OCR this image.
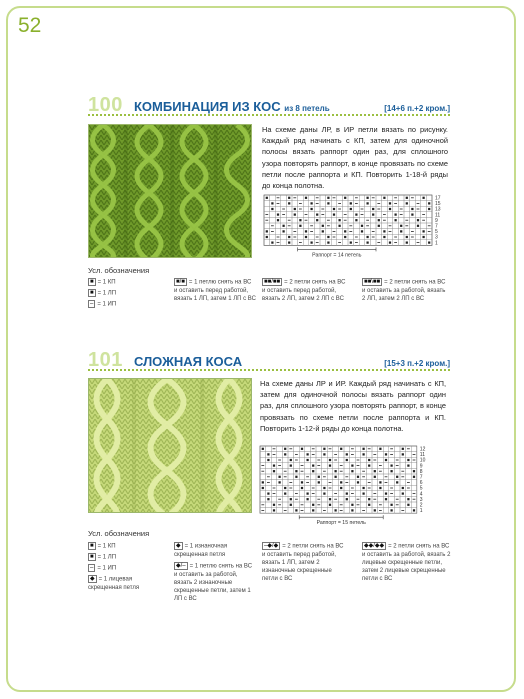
52
100 КОМБИНАЦИЯ ИЗ КОС из 8 петель	[14+6 п.+2 кром.]
На схеме даны ЛР, в ИР петли вязать по рисунку. Каждый ряд начинать с КП, затем для одиночной полосы вязать раппорт один раз, для сплошного узора повторять раппорт, в конце провязать по схеме петли после раппорта и КП. Повторить 1-18-й ряды до конца полотна.
17
15
13
11
9
7
5
3
1
Раппорт = 14 петель
Усл. обозначения
■ = 1 КП
■ = 1 ЛП
– = 1 ИП
■/■ = 1 петлю снять на ВС и оставить перед работой, вязать 1 ЛП, затем 1 ЛП с ВС
■■/■■ = 2 петли снять на ВС и оставить перед работой, вязать 2 ЛП, затем 2 ЛП с ВС
■■\■■ = 2 петли снять на ВС и оставить за работой, вязать 2 ЛП, затем 2 ЛП с ВС
101 СЛОЖНАЯ КОСА	[15+3 п.+2 кром.]
На схеме даны ЛР и ИР. Каждый ряд начинать с КП, затем для одиночной полосы вязать раппорт один раз, для сплошного узора повторять раппорт, в конце провязать по схеме петли после раппорта и КП. Повторить 1-12-й ряды до конца полотна.
12
11
10
9
8
7
6
5
4
3
2
1
Раппорт = 15 петель
Усл. обозначения
■ = 1 КП
■ = 1 ЛП
– = 1 ИП
◆ = 1 лицевая скрещенная петля
◆ = 1 изнаночная скрещенная петля
◆/– = 1 петлю снять на ВС и оставить за работой, вязать 2 изнаночные скрещенные петли, затем 1 ЛП с ВС
–◆/◆ = 2 петли снять на ВС и оставить перед работой, вязать 1 ЛП, затем 2 изнаночные скрещенные петли с ВС
◆◆/◆◆ = 2 петли снять на ВС и оставить за работой, вязать 2 лицевые скрещенные петли, затем 2 лицевые скрещенные петли с ВС
